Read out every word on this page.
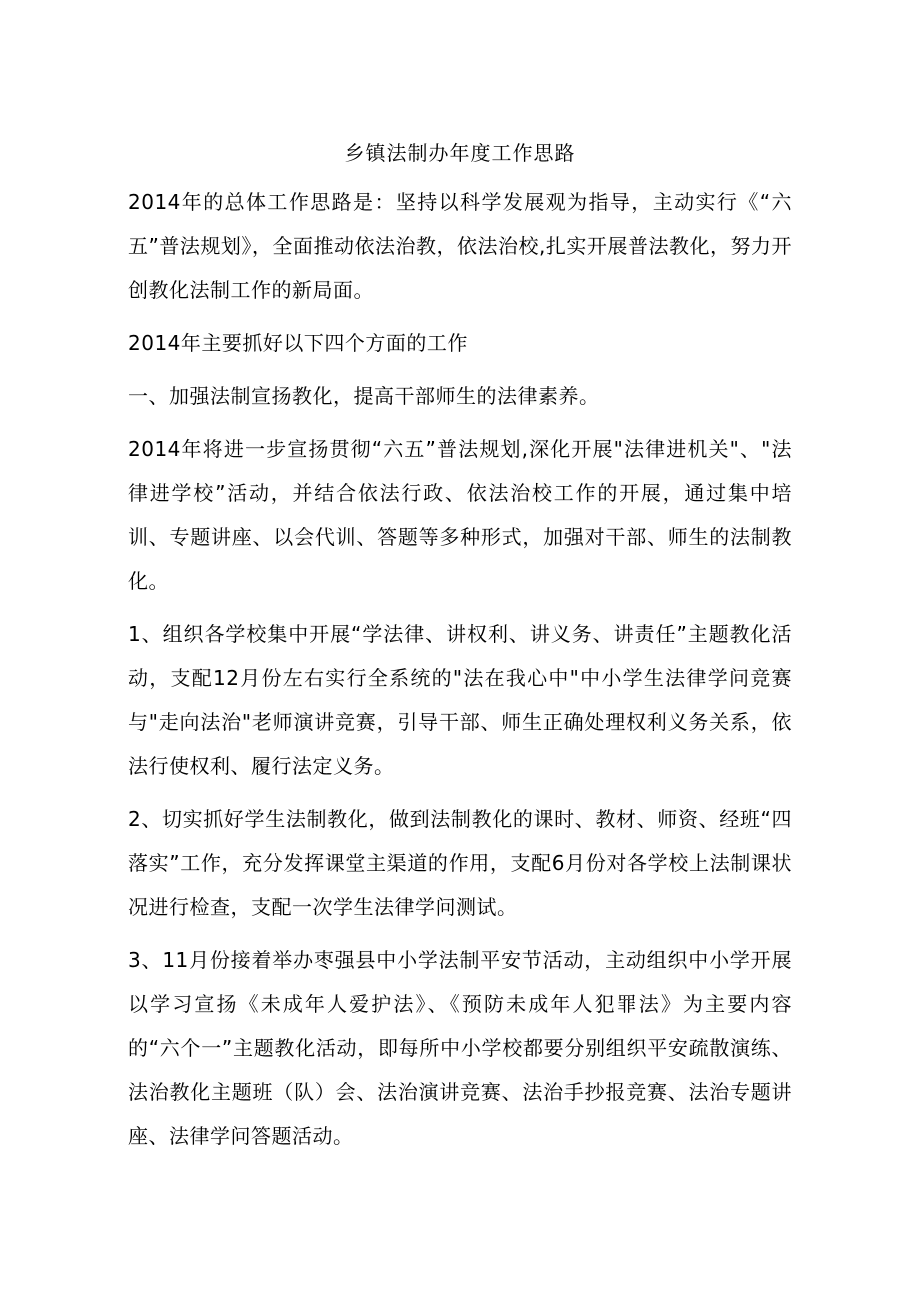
乡镇法制办年度工作思路

2014年的总体工作思路是：坚持以科学发展观为指导，主动实行《“六五”普法规划》，全面推动依法治教，依法治校,扎实开展普法教化，努力开创教化法制工作的新局面。

2014年主要抓好以下四个方面的工作

一、加强法制宣扬教化，提高干部师生的法律素养。

2014年将进一步宣扬贯彻“六五”普法规划,深化开展"法律进机关"、"法律进学校”活动，并结合依法行政、依法治校工作的开展，通过集中培训、专题讲座、以会代训、答题等多种形式，加强对干部、师生的法制教化。

1、组织各学校集中开展“学法律、讲权利、讲义务、讲责任”主题教化活动，支配12月份左右实行全系统的"法在我心中"中小学生法律学问竞赛与"走向法治"老师演讲竞赛，引导干部、师生正确处理权利义务关系，依法行使权利、履行法定义务。

2、切实抓好学生法制教化，做到法制教化的课时、教材、师资、经班“四落实”工作，充分发挥课堂主渠道的作用，支配6月份对各学校上法制课状况进行检查，支配一次学生法律学问测试。

3、11月份接着举办枣强县中小学法制平安节活动，主动组织中小学开展以学习宣扬《未成年人爱护法》、《预防未成年人犯罪法》为主要内容的“六个一”主题教化活动，即每所中小学校都要分别组织平安疏散演练、法治教化主题班（队）会、法治演讲竞赛、法治手抄报竞赛、法治专题讲座、法律学问答题活动。
